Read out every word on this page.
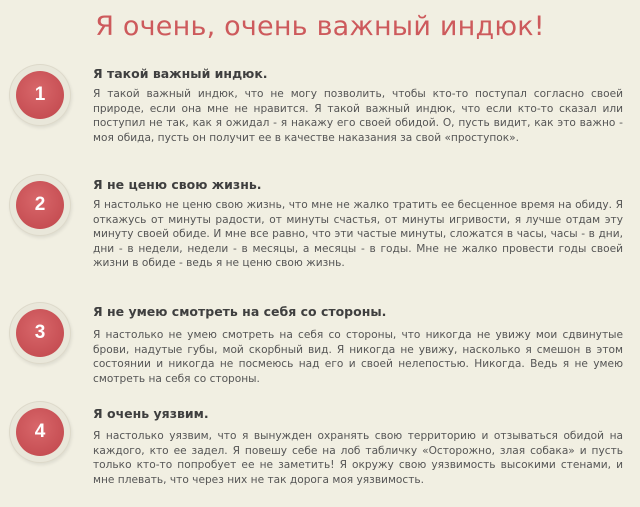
Я очень, очень важный индюк!
1
Я такой важный индюк.
Я такой важный индюк, что не могу позволить, чтобы кто-то поступал согласно своей природе, если она мне не нравится. Я такой важный индюк, что если кто-то сказал или поступил не так, как я ожидал - я накажу его своей обидой. О, пусть видит, как это важно - моя обида, пусть он получит ее в качестве наказания за свой «проступок».
2
Я не ценю свою жизнь.
Я настолько не ценю свою жизнь, что мне не жалко тратить ее бесценное время на обиду. Я откажусь от минуты радости, от минуты счастья, от минуты игривости, я лучше отдам эту минуту своей обиде. И мне все равно, что эти частые минуты, сложатся в часы, часы - в дни, дни - в недели, недели - в месяцы, а месяцы - в годы. Мне не жалко провести годы своей жизни в обиде - ведь я не ценю свою жизнь.
3
Я не умею смотреть на себя со стороны.
Я настолько не умею смотреть на себя со стороны, что никогда не увижу мои сдвинутые брови, надутые губы, мой скорбный вид. Я никогда не увижу, насколько я смешон в этом состоянии и никогда не посмеюсь над его и своей нелепостью. Никогда. Ведь я не умею смотреть на себя со стороны.
4
Я очень уязвим.
Я настолько уязвим, что я вынужден охранять свою территорию и отзываться обидой на каждого, кто ее задел. Я повешу себе на лоб табличку «Осторожно, злая собака» и пусть только кто-то попробует ее не заметить! Я окружу свою уязвимость высокими стенами, и мне плевать, что через них не так дорога моя уязвимость.
